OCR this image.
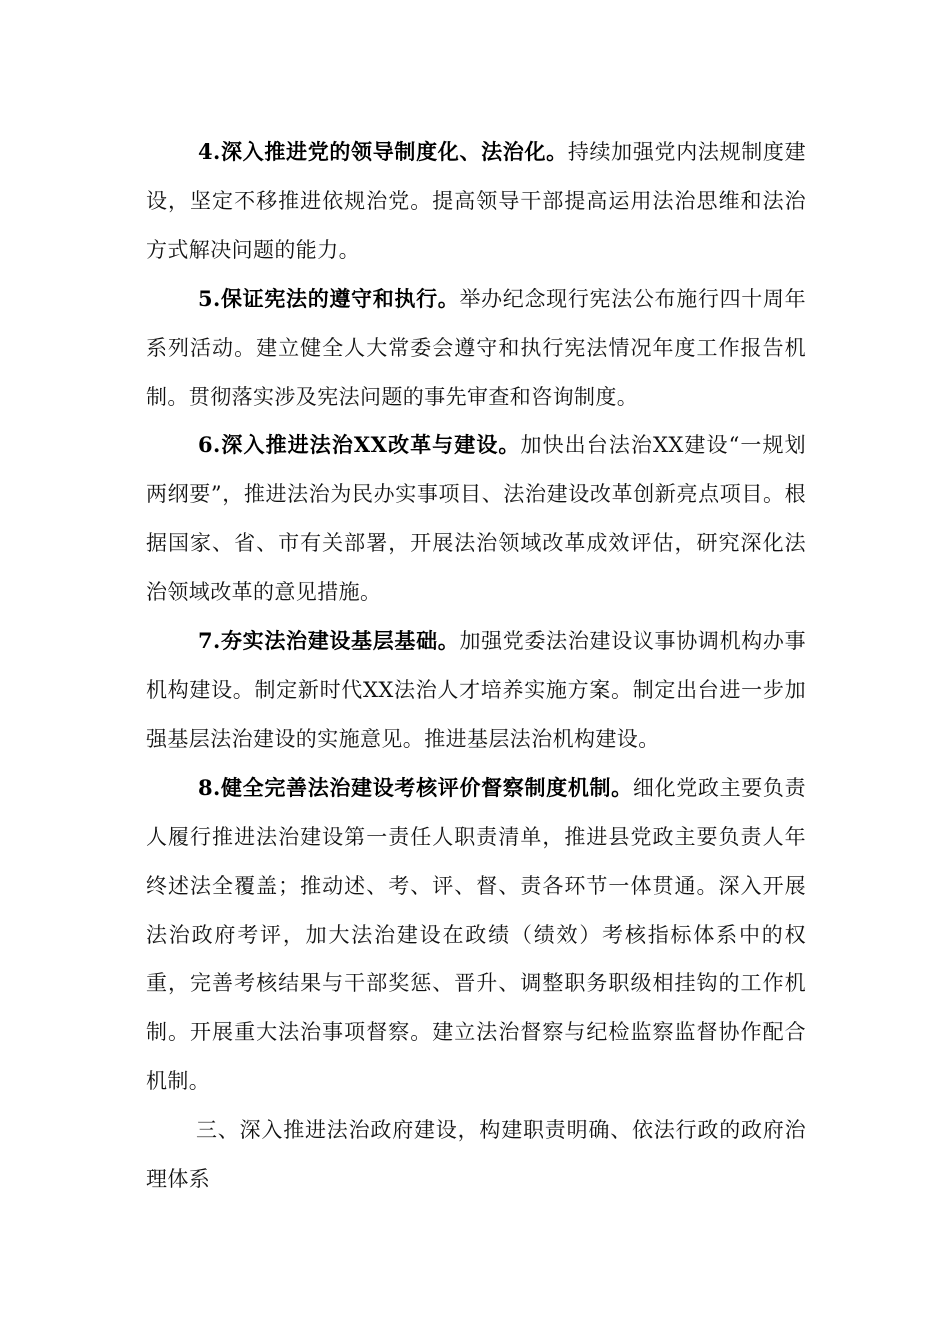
4.深入推进党的领导制度化、法治化。持续加强党内法规制度建设，坚定不移推进依规治党。提高领导干部提高运用法治思维和法治方式解决问题的能力。

5.保证宪法的遵守和执行。举办纪念现行宪法公布施行四十周年系列活动。建立健全人大常委会遵守和执行宪法情况年度工作报告机制。贯彻落实涉及宪法问题的事先审查和咨询制度。

6.深入推进法治XX改革与建设。加快出台法治XX建设“一规划两纲要”，推进法治为民办实事项目、法治建设改革创新亮点项目。根据国家、省、市有关部署，开展法治领域改革成效评估，研究深化法治领域改革的意见措施。

7.夯实法治建设基层基础。加强党委法治建设议事协调机构办事机构建设。制定新时代XX法治人才培养实施方案。制定出台进一步加强基层法治建设的实施意见。推进基层法治机构建设。

8.健全完善法治建设考核评价督察制度机制。细化党政主要负责人履行推进法治建设第一责任人职责清单，推进县党政主要负责人年终述法全覆盖；推动述、考、评、督、责各环节一体贯通。深入开展法治政府考评，加大法治建设在政绩（绩效）考核指标体系中的权重，完善考核结果与干部奖惩、晋升、调整职务职级相挂钩的工作机制。开展重大法治事项督察。建立法治督察与纪检监察监督协作配合机制。

三、深入推进法治政府建设，构建职责明确、依法行政的政府治理体系
